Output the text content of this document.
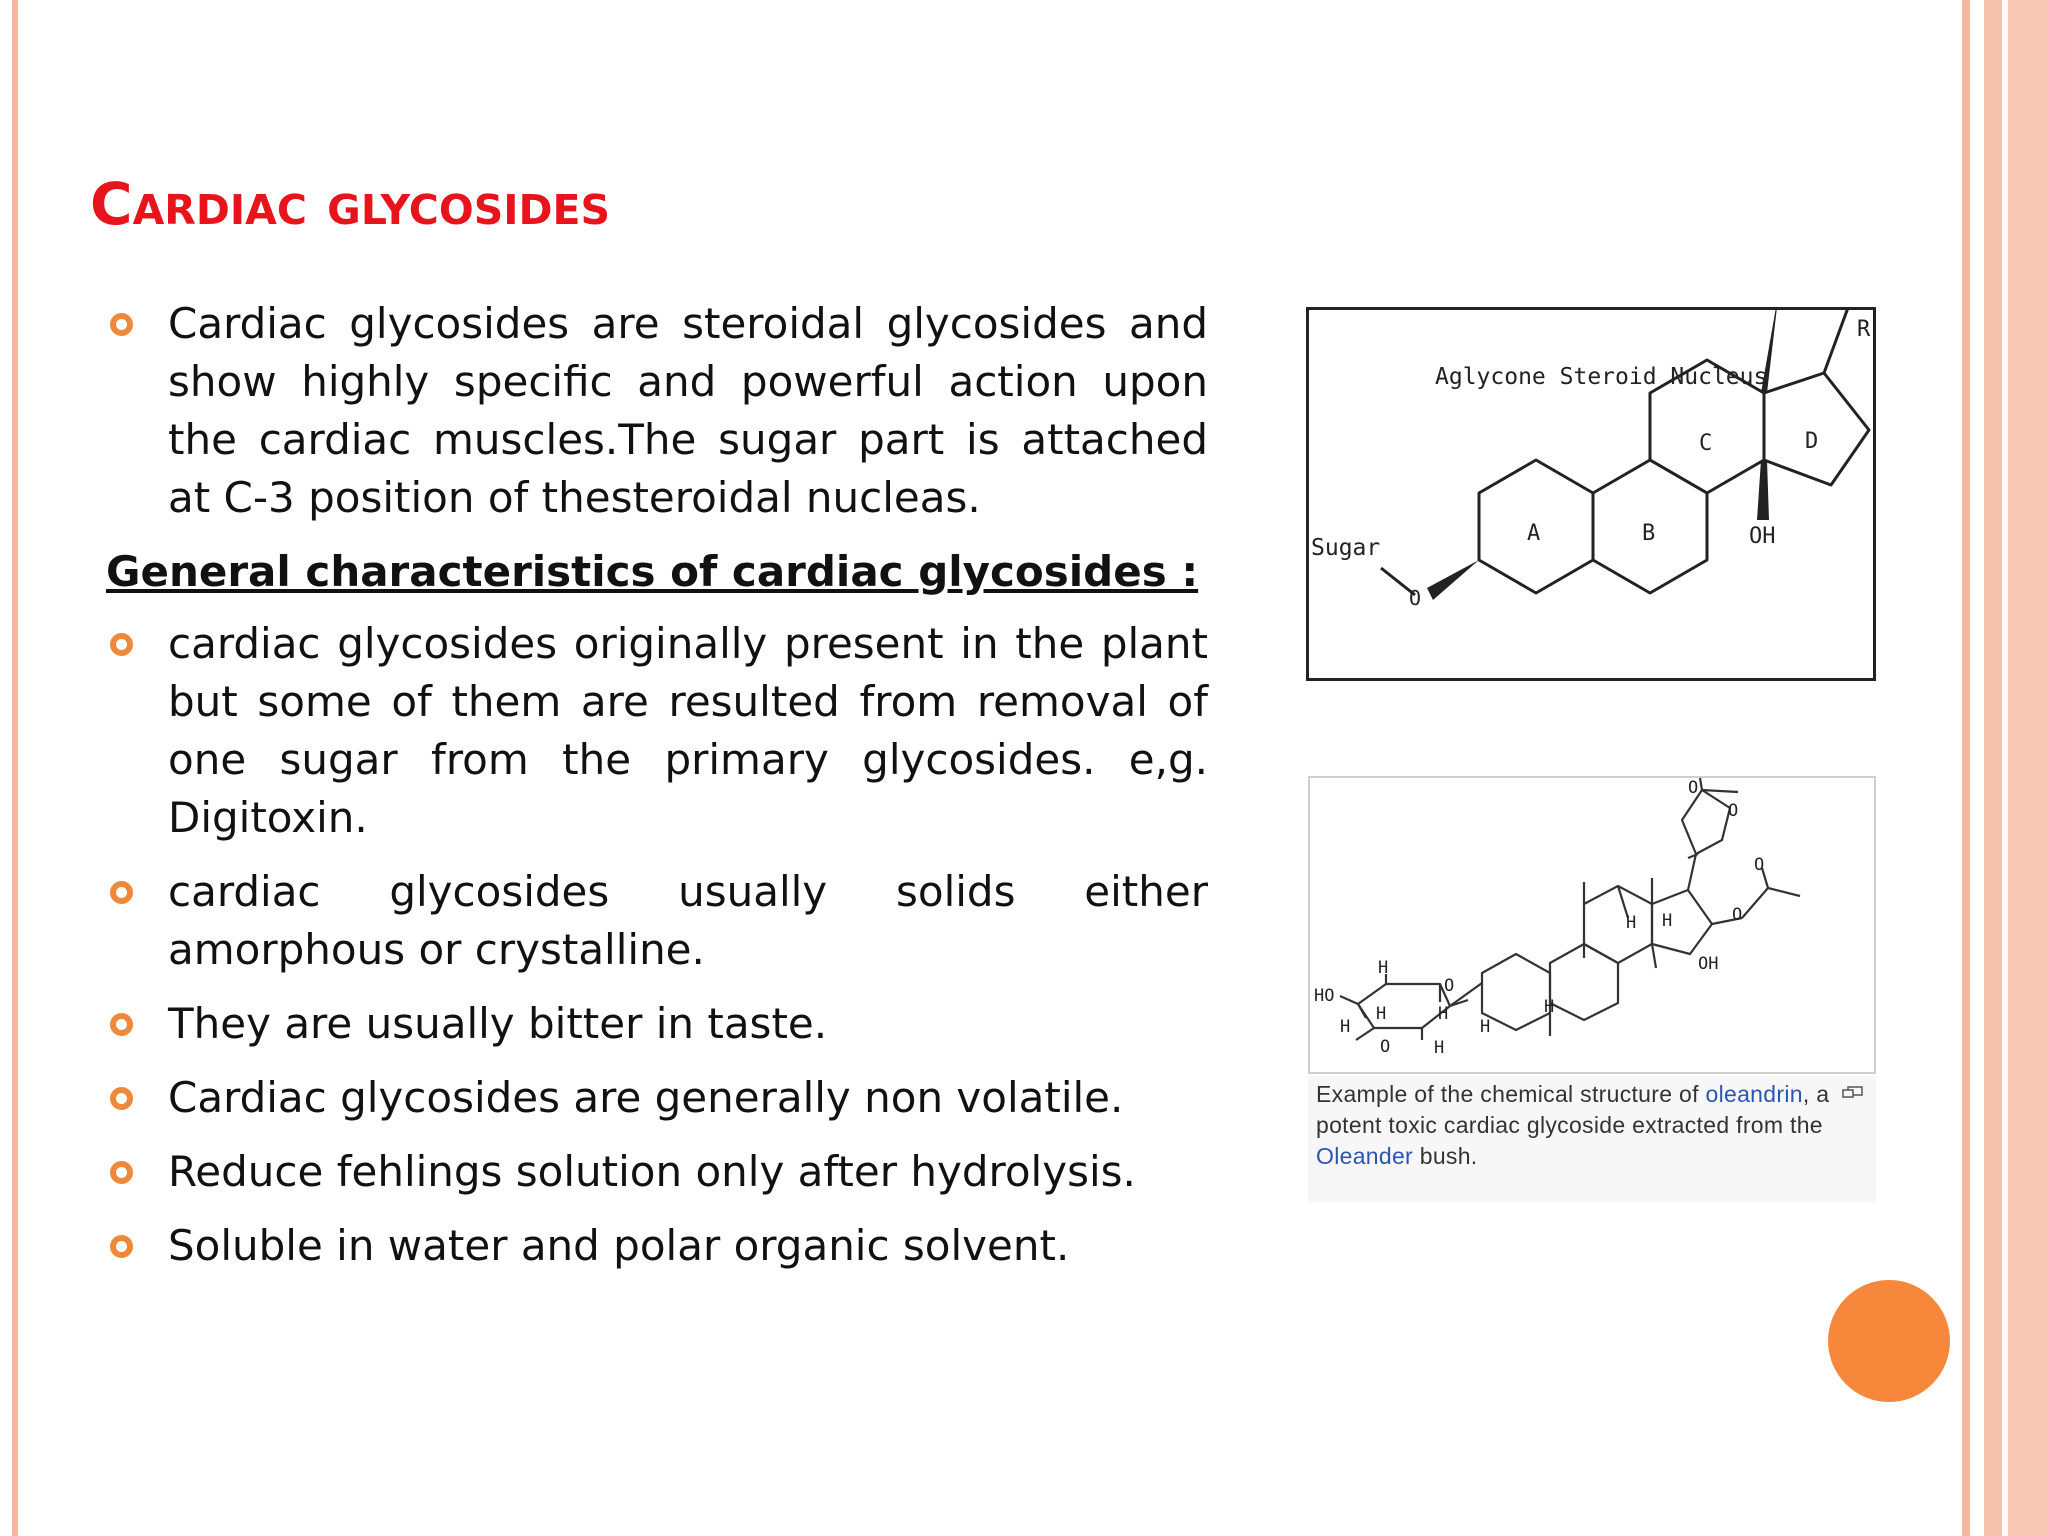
Cardiac glycosides
Cardiac glycosides are steroidal glycosides and show highly specific and powerful action upon the cardiac muscles.The sugar part is attached at C-3 position of thesteroidal nucleas.
General characteristics of cardiac glycosides :
cardiac glycosides originally present in the plant but some of them are resulted from removal of one sugar from the primary glycosides. e,g. Digitoxin.
cardiac glycosides usually solids either amorphous or crystalline.
They are usually bitter in taste.
Cardiac glycosides are generally non volatile.
Reduce fehlings solution only after hydrolysis.
Soluble in water and polar organic solvent.
R
Aglycone Steroid Nucleus
A	B
C	D
OH
Sugar
O
HO
H
H
H
H
H
H
O
O
H H
H
OH
O
O
O
O
Example of the chemical structure of oleandrin, a potent toxic cardiac glycoside extracted from the Oleander bush.
